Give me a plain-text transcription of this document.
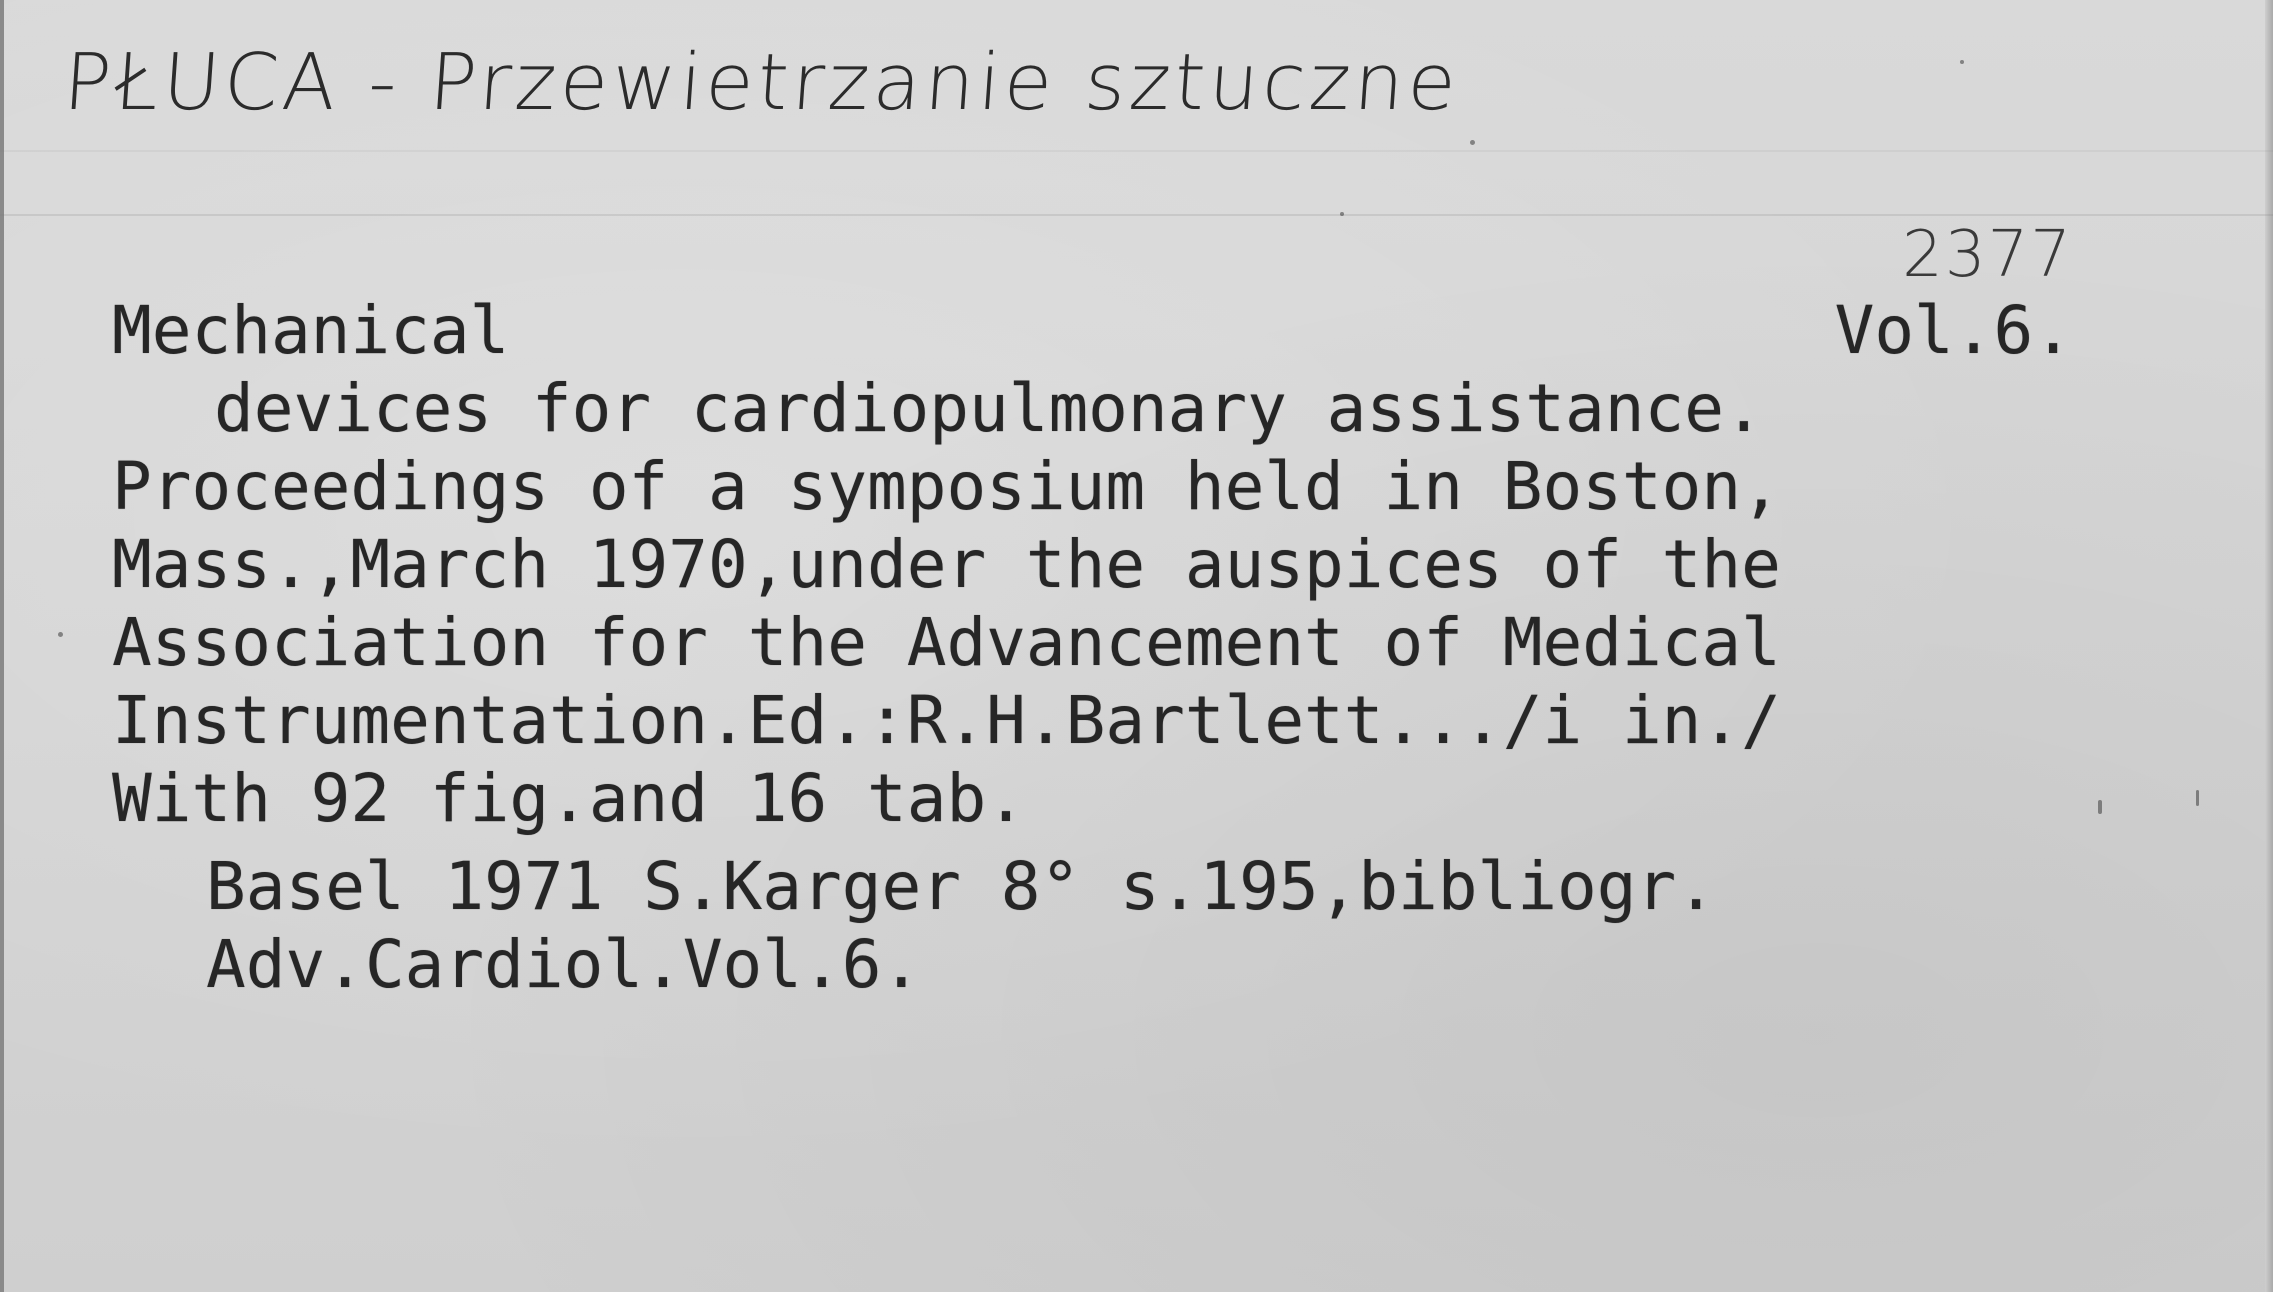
PŁUCA - Przewietrzanie sztuczne
2377
Vol.6.
Mechanical
devices for cardiopulmonary assistance.
Proceedings of a symposium held in Boston,
Mass.,March 1970,under the auspices of the
Association for the Advancement of Medical
Instrumentation.Ed.:R.H.Bartlett.../i in./
With 92 fig.and 16 tab.
Basel 1971 S.Karger 8° s.195,bibliogr.
Adv.Cardiol.Vol.6.
